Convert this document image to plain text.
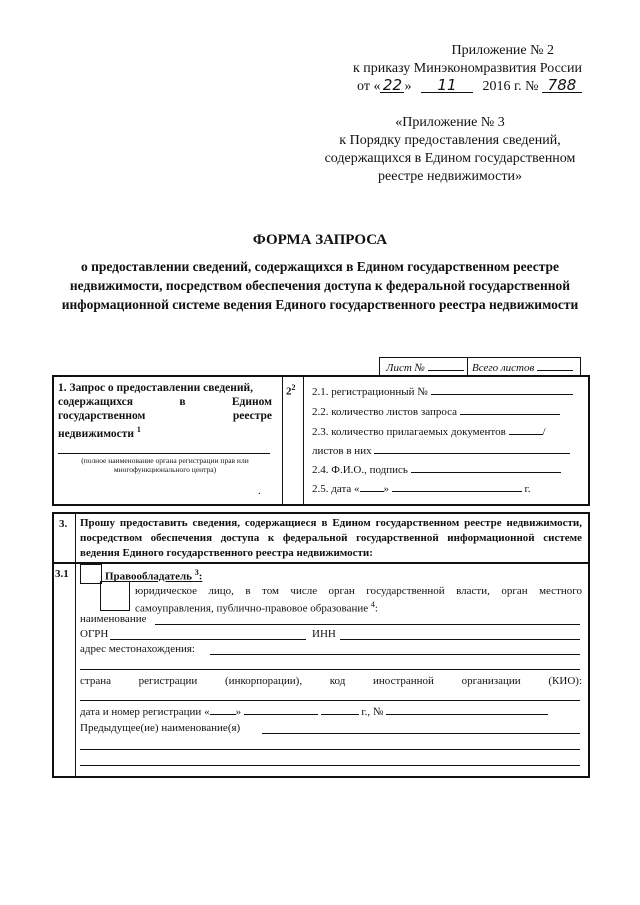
Приложение № 2
к приказу Минэкономразвития России
от « 22 » 11 2016 г. № 788
«Приложение № 3
к Порядку предоставления сведений,
содержащихся в Едином государственном
реестре недвижимости»
ФОРМА ЗАПРОСА
о предоставлении сведений, содержащихся в Едином государственном реестре недвижимости, посредством обеспечения доступа к федеральной государственной информационной системе ведения Единого государственного реестра недвижимости
Лист №	Всего листов
1. Запрос о предоставлении сведений,
содержащихся	в	Едином
государственном	реестре
недвижимости $^1$
(полное наименование органа регистрации прав или многофункционального центра)
.
$2^2$ 2.1. регистрационный №
2.2. количество листов запроса
2.3. количество прилагаемых документов	/
листов в них
2.4. Ф.И.О., подпись
2.5. дата « »	г.
3. Прошу предоставить сведения, содержащиеся в Едином государственном реестре недвижимости, посредством обеспечения доступа к федеральной государственной информационной системе ведения Единого государственного реестра недвижимости:
3.1	Правообладатель $^3$:
юридическое лицо, в том числе орган государственной власти, орган местного
самоуправления, публично-правовое образование $^4$:
наименование
ОГРН	ИНН
адрес местонахождения:
страна регистрации (инкорпорации), код иностранной организации (КИО):
дата и номер регистрации « »	г., №
Предыдущее(ие) наименование(я)
